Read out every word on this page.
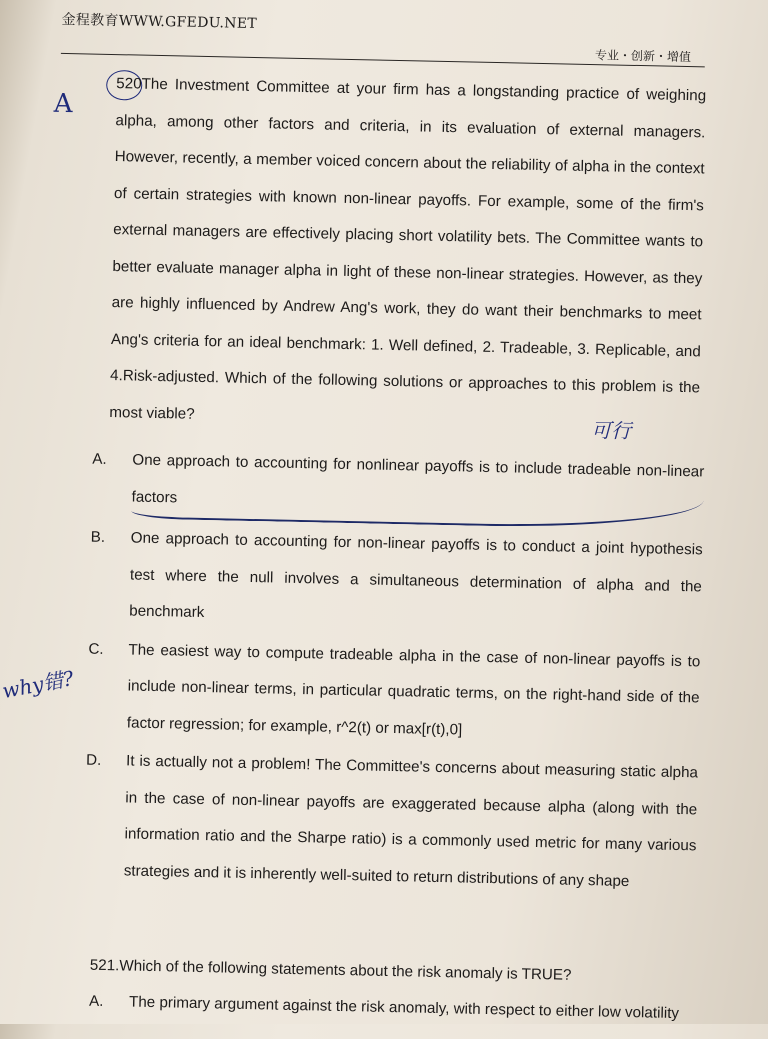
金程教育WWW.GFEDU.NET
专业・创新・增值
A
520The Investment Committee at your firm has a longstanding practice of weighing alpha, among other factors and criteria, in its evaluation of external managers. However, recently, a member voiced concern about the reliability of alpha in the context of certain strategies with known non-linear payoffs. For example, some of the firm's external managers are effectively placing short volatility bets. The Committee wants to better evaluate manager alpha in light of these non-linear strategies. However, as they are highly influenced by Andrew Ang's work, they do want their benchmarks to meet Ang's criteria for an ideal benchmark: 1. Well defined, 2. Tradeable, 3. Replicable, and 4.Risk-adjusted. Which of the following solutions or approaches to this problem is the most viable?
可行
A.	One approach to accounting for nonlinear payoffs is to include tradeable non-linear factors
B.	One approach to accounting for non-linear payoffs is to conduct a joint hypothesis test where the null involves a simultaneous determination of alpha and the benchmark
C.	The easiest way to compute tradeable alpha in the case of non-linear payoffs is to include non-linear terms, in particular quadratic terms, on the right-hand side of the factor regression; for example, r^2(t) or max[r(t),0]
D.	It is actually not a problem! The Committee's concerns about measuring static alpha in the case of non-linear payoffs are exaggerated because alpha (along with the information ratio and the Sharpe ratio) is a commonly used metric for many various strategies and it is inherently well-suited to return distributions of any shape
why错?
521.Which of the following statements about the risk anomaly is TRUE?
A.	The primary argument against the risk anomaly, with respect to either low volatility
